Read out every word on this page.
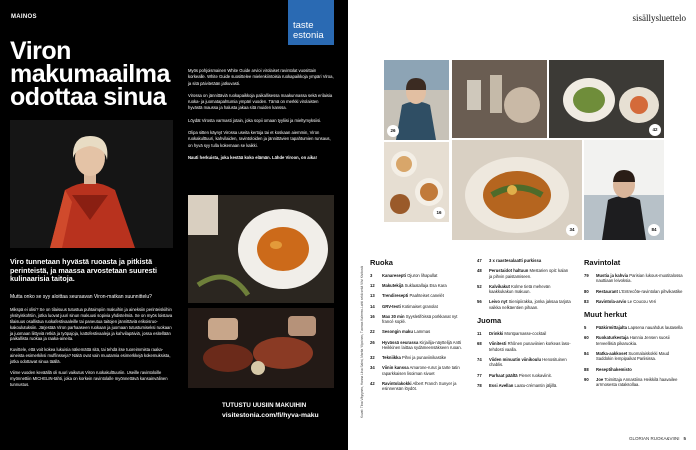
MAINOS
taste
estonia
Viron
makumaailma
odottaa sinua

Myös pohjoismainen White Guide arvioi virolaiset ravintolat vuosittain korkealle. White Guide suosittelee mielenkiintoisia ruokapaikkoja ympäri Viroa, ja sitä päivitetään jatkuvasti.

Virossa on jännittäviä ruokapaikkoja paikallisessa maakunnassa sekä erilaisia ruoka- ja juomatapahtumia ympäri vuoden. Tämä on merkki virolaisten hyvästä maussa ja halusta jakaa sitä muiden kanssa.

Löydät Virosta varmasti jotain, joka sopii omaan tyyliisi ja mieltymyksiisi.

Olipa sitten käynyt Virossa useita kertoja tai et koskaan aiemmin, Viron ruokakulttuuri, kahvilaiden, ravintoloiden ja jännittävien tapahtumien runsaus, on hyvä syy tulla kokemaan se kaikki.

Nauti herkuista, joka kestää koko elämän. Lähde Viroon, on aika!

Viro tunnetaan hyvästä ruoasta ja pitkistä perinteistä, ja maassa arvostetaan suuresti kulinaarisia taitoja.

Mutta onko se syy aloittaa seuraavan Viron-matkan suunnittelu?

Mikspä ei olisi? Se on tilaisuus tutustua puhtaimpiin makuihin ja aineksiin perinteiskiihin yksityiskohtiin, jotka luovat juuri sinun makuusi sopivia yhdistelmiä. Se on myös loistava tilaisuus osallistua ruokafestivaaleille tai paneutua taitojen jännittäviä erikoisruokakoulutuksiin. Järjestää Viron parhaaseen ruokaan ja juomaan tutustumiseksi ruokaan ja juomaan liittyviä retkiä ja työpajoja, kattofestivaaleja ja kahvilapäiviä, jossa esitellään paikallista ruokaa ja raaka-aineita.

Kuvittele, että voit kokea lukuisia näkemättä sitä, tai tehdä itse tuoreimmista raaka-aineista esimerkiksi muffinsseja? Näitä ovat vain muutamia esimerkkejä kokemuksista, jotka odottavat sinua täällä.

Viime vuoden keväällä oli suuri vaikutus Viron ruokakulttuuriin. Useille ravintoloille myönnettiin MICHELIN-tähti, joka on korkein ravintolalle myönnettävä kansainvälinen tunnustus.

TUTUSTU UUSIIN MAKUIHIN
visitestonia.com/fi/hyva-maku
sisällysluettelo
26
16
34
42
84
Kuvat: Tiina Väyrynen, Hanna Liisa Salmi, Martta Ylipoinen, Tuomas Kalermo-Lahti sekä sekä Viivi Kivikoski
Ruoka
3	Kanaresepti Ojuron lihapullat
12	Makutekijä Suklaatallaja Esa Kara
13	Trendiresepti Paahteiset canelét
14	GRV-testi Kotimaiset granolat
16	Max 30 min Syysletiföissä porkkanat nyt francé soplé.
22	Sesongin maku Lammas
26	Hyvässä seurassa Kirjailija-näyttelijä Antti Heikkinen laittaa sydämeensäkseen ruoan.
32	Tekniikka Pihvi ja punaviinikastike
34	Viinin kanssa Amarone-rurut ja tarte tatin raparkkaisen lisoiman sivuet
42	Ravintolakokki Albert Franch Sunyer ja esinnensän löydöt.
47	3 x raastesalaatti purkissa
48	Perustaidot haltuun Mestarien opit: kalan ja pihvin paistamiseen.
52	Kalvikakut Kolme tietä mehevän kaakkukakun makuun.
56	Leivo nyt Sienipiirakka, jonka jaksaa tarjota vaikka nelkäentien pihaan.
Juoma
11	Drinkki Montparnasse-cocktail
68	Viinitesti Rhônen punaviinien korkeas laso-tehdosti vaalla.
74	Viiden minuutin viinikoulu Henosituinen chablis.
77	Parhaat päältä Pienet ruokaviinit.
78	Essi Avellan Laatu-crémantin jäljillä.
Ravintolat
79	Mustia ja kahvia Parisian lukous-muotitalossa nauttiaan leivoksia.
80	Restaurant L'Entrecôte-ravintolan pihvikastike
83	Ravintola-arvio Le Coucou Veri
Muut herkut
5	Pääkirmittajalta Lapsena nauahdus lautasella
60	Ruokaturkestaja Hannia Jensen suosii terveellisiä pikaruokia.
84	Matka-aakkoset Suomalaiskokki Maud Saddokin lempipaikat Pariisissa.
88	Reseptihakemisto
90	Joe Toimittaja Annastiina Heikkilä haavailee arrmosesta rataksollaa.
GLORIAN RUOKA&VIINI 5
